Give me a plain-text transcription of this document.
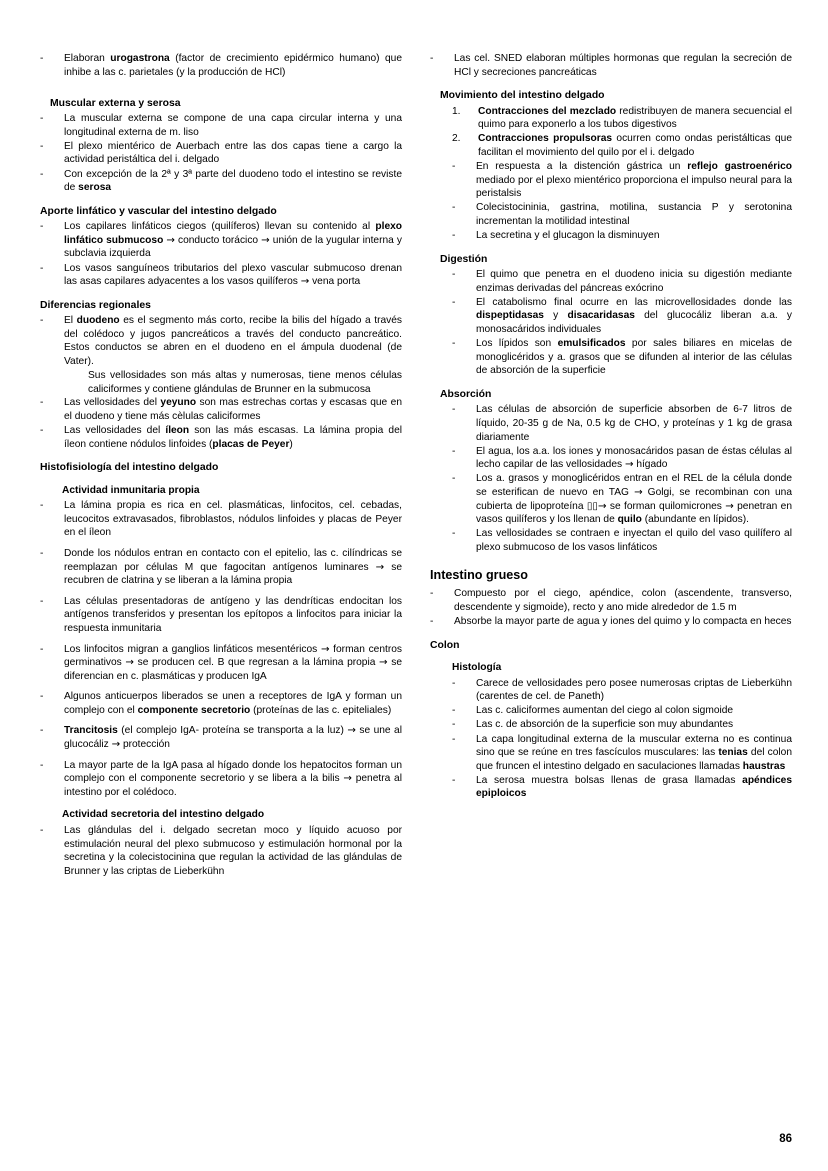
-	Elaboran urogastrona (factor de crecimiento epidérmico humano) que inhibe a las c. parietales (y la producción de HCl)
Muscular externa y serosa
-	La muscular externa se compone de una capa circular interna y una longitudinal externa de m. liso
-	El plexo mientérico de Auerbach entre las dos capas tiene a cargo la actividad peristáltica del i. delgado
-	Con excepción de la 2ª y 3ª parte del duodeno todo el intestino se reviste de serosa
Aporte linfático y vascular del intestino delgado
-	Los capilares linfáticos ciegos (quilíferos) llevan su contenido al plexo linfático submucoso → conducto torácico → unión de la yugular interna y subclavia izquierda
-	Los vasos sanguíneos tributarios del plexo vascular submucoso drenan las asas capilares adyacentes a los vasos quilíferos → vena porta
Diferencias regionales
-	El duodeno es el segmento más corto, recibe la bilis del hígado a través del colédoco y jugos pancreáticos a través del conducto pancreático. Estos conductos se abren en el duodeno en el ámpula duodenal (de Vater).

Sus vellosidades son más altas y numerosas, tiene menos células caliciformes y contiene glándulas de Brunner en la submucosa

-	Las vellosidades del yeyuno son mas estrechas cortas y escasas que en el duodeno y tiene más cèlulas caliciformes
-	Las vellosidades del íleon son las más escasas. La lámina propia del íleon contiene nódulos linfoides (placas de Peyer)
Histofisiología del intestino delgado
Actividad inmunitaria propia
-	La lámina propia es rica en cel. plasmáticas, linfocitos, cel. cebadas, leucocitos extravasados, fibroblastos, nódulos linfoides y placas de Peyer en el íleon
-	Donde los nódulos entran en contacto con el epitelio, las c. cilíndricas se reemplazan por células M que fagocitan antígenos luminares → se recubren de clatrina y se liberan a la lámina propia
-	Las células presentadoras de antígeno y las dendríticas endocitan los antígenos transferidos y presentan los epítopos a linfocitos para iniciar la respuesta inmunitaria
-	Los linfocitos migran a ganglios linfáticos mesentéricos → forman centros germinativos → se producen cel. B que regresan a la lámina propia → se diferencian en c. plasmáticas y producen IgA
-	Algunos anticuerpos liberados se unen a receptores de IgA y forman un complejo con el componente secretorio (proteínas de las c. epiteliales)
-	Trancitosis (el complejo IgA- proteína se transporta a la luz) → se une al glucocáliz → protección
-	La mayor parte de la IgA pasa al hígado donde los hepatocitos forman un complejo con el componente secretorio y se libera a la bilis → penetra al intestino por el colédoco.
Actividad secretoria del intestino delgado
-	Las glándulas del i. delgado secretan moco y líquido acuoso por estimulación neural del plexo submucoso y estimulación hormonal por la secretina y la colecistocinina que regulan la actividad de las glándulas de Brunner y las criptas de Lieberkühn
-	Las cel. SNED elaboran múltiples hormonas que regulan la secreción de HCl y secreciones pancreáticas
Movimiento del intestino delgado
1.	Contracciones del mezclado redistribuyen de manera secuencial el quimo para exponerlo a los tubos digestivos
2.	Contracciones propulsoras ocurren como ondas peristálticas que facilitan el movimiento del quilo por el i. delgado
-	En respuesta a la distención gástrica un reflejo gastroenérico mediado por el plexo mientérico proporciona el impulso neural para la peristalsis
-	Colecistocininia, gastrina, motilina, sustancia P y serotonina incrementan la motilidad intestinal
-	La secretina y el glucagon la disminuyen
Digestión
-	El quimo que penetra en el duodeno inicia su digestión mediante enzimas derivadas del páncreas exócrino
-	El catabolismo final ocurre en las microvellosidades donde las dispeptidasas y disacaridasas del glucocáliz liberan a.a. y monosacáridos individuales
-	Los lípidos son emulsificados por sales biliares en micelas de monoglicéridos y a. grasos que se difunden al interior de las células de absorción de la superficie
Absorción
-	Las células de absorción de superficie absorben de 6-7 litros de líquido, 20-35 g de Na, 0.5 kg de CHO, y proteínas y 1 kg de grasa diariamente
-	El agua, los a.a. los iones y monosacáridos pasan de éstas células al lecho capilar de las vellosidades → hígado
-	Los a. grasos y monoglicéridos entran en el REL de la célula donde se esterifican de nuevo en TAG → Golgi, se recombinan con una cubierta de lipoproteína ▯▯→ se forman quilomicrones → penetran en vasos quilíferos y los llenan de quilo (abundante en lípidos).
-	Las vellosidades se contraen e inyectan el quilo del vaso quilífero al plexo submucoso de los vasos linfáticos
Intestino grueso
-	Compuesto por el ciego, apéndice, colon (ascendente, transverso, descendente y sigmoide), recto y ano mide alrededor de 1.5 m
-	Absorbe la mayor parte de agua y iones del quimo y lo compacta en heces
Colon
Histología
-	Carece de vellosidades pero posee numerosas criptas de Lieberkühn (carentes de cel. de Paneth)
-	Las c. caliciformes aumentan del ciego al colon sigmoide
-	Las c. de absorción de la superficie son muy abundantes
-	La capa longitudinal externa de la muscular externa no es continua sino que se reúne en tres fascículos musculares: las tenias del colon que fruncen el intestino delgado en saculaciones llamadas haustras
-	La serosa muestra bolsas llenas de grasa llamadas apéndices epiploicos
86
